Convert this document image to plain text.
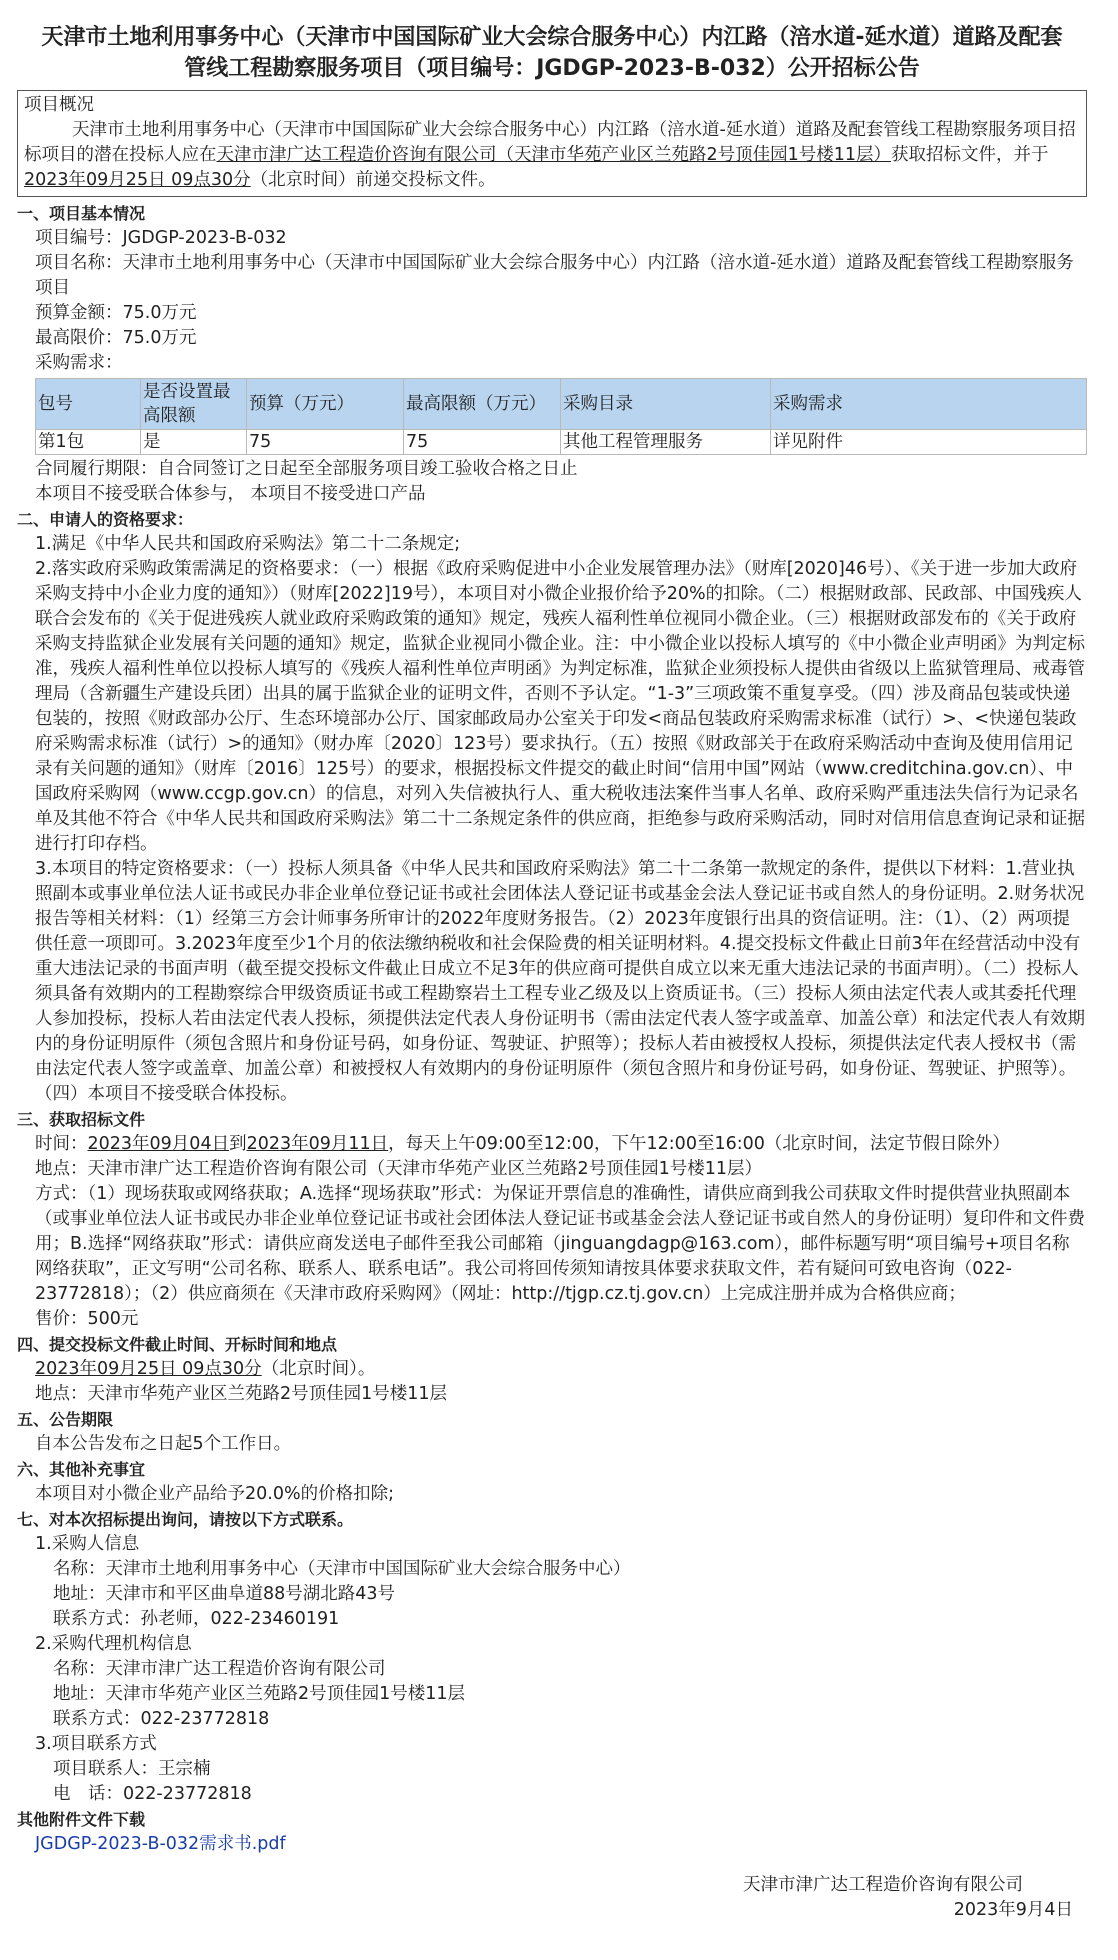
天津市土地利用事务中心（天津市中国国际矿业大会综合服务中心）内江路（涪水道-延水道）道路及配套管线工程勘察服务项目（项目编号：JGDGP-2023-B-032）公开招标公告
项目概况
天津市土地利用事务中心（天津市中国国际矿业大会综合服务中心）内江路（涪水道-延水道）道路及配套管线工程勘察服务项目招标项目的潜在投标人应在天津市津广达工程造价咨询有限公司（天津市华苑产业区兰苑路2号顶佳园1号楼11层）获取招标文件，并于2023年09月25日 09点30分（北京时间）前递交投标文件。
一、项目基本情况

项目编号：JGDGP-2023-B-032

项目名称：天津市土地利用事务中心（天津市中国国际矿业大会综合服务中心）内江路（涪水道-延水道）道路及配套管线工程勘察服务项目

预算金额：75.0万元

最高限价：75.0万元

采购需求：

包号	是否设置最高限额	预算（万元）	最高限额（万元）	采购目录	采购需求
第1包	是	75	75	其他工程管理服务	详见附件

合同履行期限：自合同签订之日起至全部服务项目竣工验收合格之日止

本项目不接受联合体参与， 本项目不接受进口产品

二、申请人的资格要求：

1.满足《中华人民共和国政府采购法》第二十二条规定;

2.落实政府采购政策需满足的资格要求：（一）根据《政府采购促进中小企业发展管理办法》（财库[2020]46号）、《关于进一步加大政府采购支持中小企业力度的通知》）（财库[2022]19号），本项目对小微企业报价给予20%的扣除。（二）根据财政部、民政部、中国残疾人联合会发布的《关于促进残疾人就业政府采购政策的通知》规定，残疾人福利性单位视同小微企业。（三）根据财政部发布的《关于政府采购支持监狱企业发展有关问题的通知》规定，监狱企业视同小微企业。注：中小微企业以投标人填写的《中小微企业声明函》为判定标准，残疾人福利性单位以投标人填写的《残疾人福利性单位声明函》为判定标准，监狱企业须投标人提供由省级以上监狱管理局、戒毒管理局（含新疆生产建设兵团）出具的属于监狱企业的证明文件，否则不予认定。“1-3”三项政策不重复享受。（四）涉及商品包装或快递包装的，按照《财政部办公厅、生态环境部办公厅、国家邮政局办公室关于印发<商品包装政府采购需求标准（试行）>、<快递包装政府采购需求标准（试行）>的通知》（财办库〔2020〕123号）要求执行。（五）按照《财政部关于在政府采购活动中查询及使用信用记录有关问题的通知》（财库〔2016〕125号）的要求，根据投标文件提交的截止时间“信用中国”网站（www.creditchina.gov.cn）、中国政府采购网（www.ccgp.gov.cn）的信息，对列入失信被执行人、重大税收违法案件当事人名单、政府采购严重违法失信行为记录名单及其他不符合《中华人民共和国政府采购法》第二十二条规定条件的供应商，拒绝参与政府采购活动，同时对信用信息查询记录和证据进行打印存档。

3.本项目的特定资格要求：（一）投标人须具备《中华人民共和国政府采购法》第二十二条第一款规定的条件，提供以下材料：1.营业执照副本或事业单位法人证书或民办非企业单位登记证书或社会团体法人登记证书或基金会法人登记证书或自然人的身份证明。2.财务状况报告等相关材料：（1）经第三方会计师事务所审计的2022年度财务报告。（2）2023年度银行出具的资信证明。注：（1）、（2）两项提供任意一项即可。3.2023年度至少1个月的依法缴纳税收和社会保险费的相关证明材料。4.提交投标文件截止日前3年在经营活动中没有重大违法记录的书面声明（截至提交投标文件截止日成立不足3年的供应商可提供自成立以来无重大违法记录的书面声明）。（二）投标人须具备有效期内的工程勘察综合甲级资质证书或工程勘察岩土工程专业乙级及以上资质证书。（三）投标人须由法定代表人或其委托代理人参加投标，投标人若由法定代表人投标，须提供法定代表人身份证明书（需由法定代表人签字或盖章、加盖公章）和法定代表人有效期内的身份证明原件（须包含照片和身份证号码，如身份证、驾驶证、护照等）；投标人若由被授权人投标，须提供法定代表人授权书（需由法定代表人签字或盖章、加盖公章）和被授权人有效期内的身份证明原件（须包含照片和身份证号码，如身份证、驾驶证、护照等）。（四）本项目不接受联合体投标。

三、获取招标文件

时间：2023年09月04日到2023年09月11日，每天上午09:00至12:00，下午12:00至16:00（北京时间，法定节假日除外）

地点：天津市津广达工程造价咨询有限公司（天津市华苑产业区兰苑路2号顶佳园1号楼11层）

方式：（1）现场获取或网络获取；A.选择“现场获取”形式：为保证开票信息的准确性，请供应商到我公司获取文件时提供营业执照副本（或事业单位法人证书或民办非企业单位登记证书或社会团体法人登记证书或基金会法人登记证书或自然人的身份证明）复印件和文件费用；B.选择“网络获取”形式：请供应商发送电子邮件至我公司邮箱（jinguangdagp@163.com），邮件标题写明“项目编号+项目名称 网络获取”，正文写明“公司名称、联系人、联系电话”。我公司将回传须知请按具体要求获取文件，若有疑问可致电咨询（022-23772818）；（2）供应商须在《天津市政府采购网》（网址：http://tjgp.cz.tj.gov.cn）上完成注册并成为合格供应商；

售价：500元

四、提交投标文件截止时间、开标时间和地点

2023年09月25日 09点30分（北京时间）。

地点：天津市华苑产业区兰苑路2号顶佳园1号楼11层

五、公告期限

自本公告发布之日起5个工作日。

六、其他补充事宜

本项目对小微企业产品给予20.0%的价格扣除;

七、对本次招标提出询问，请按以下方式联系。

1.采购人信息

名称：天津市土地利用事务中心（天津市中国国际矿业大会综合服务中心）

地址：天津市和平区曲阜道88号湖北路43号

联系方式：孙老师，022-23460191

2.采购代理机构信息

名称：天津市津广达工程造价咨询有限公司

地址：天津市华苑产业区兰苑路2号顶佳园1号楼11层

联系方式：022-23772818

3.项目联系方式

项目联系人：王宗楠

电　话：022-23772818

其他附件文件下载

JGDGP-2023-B-032需求书.pdf

天津市津广达工程造价咨询有限公司
2023年9月4日
